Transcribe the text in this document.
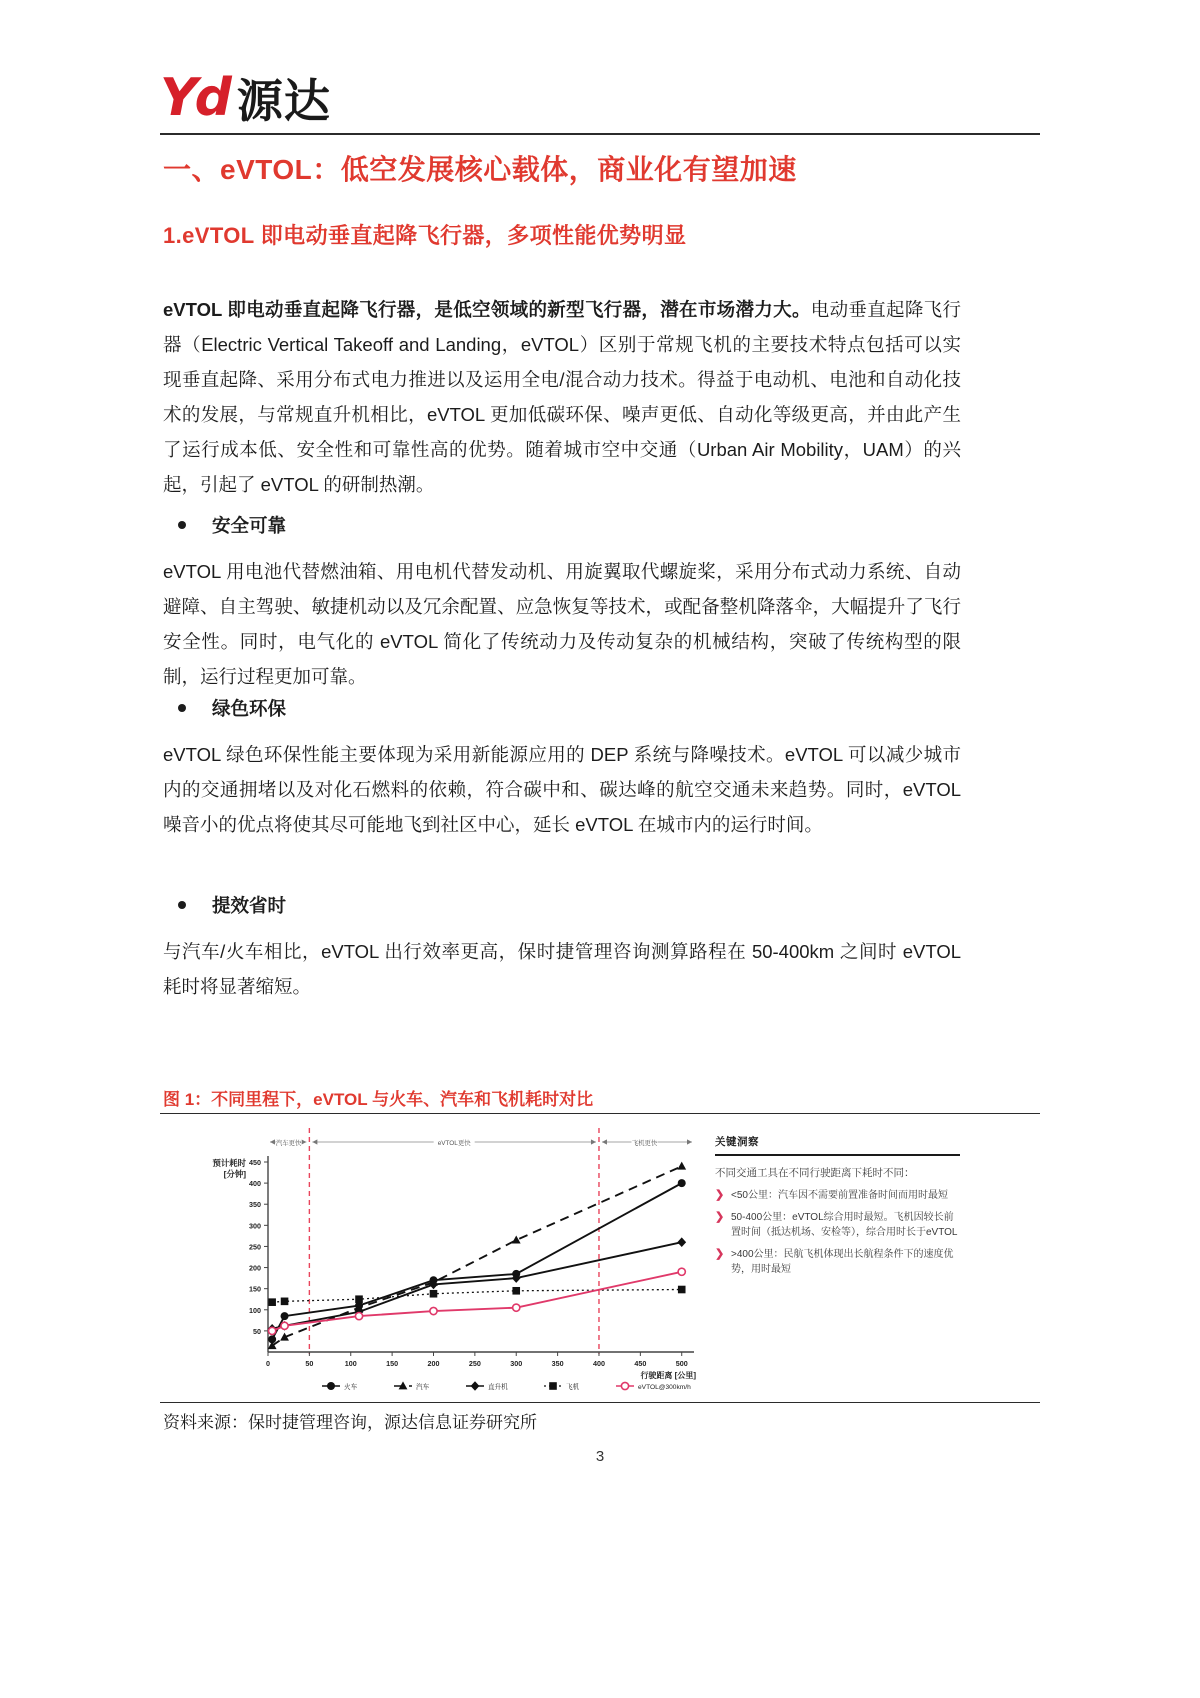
Yd 源达
一、eVTOL：低空发展核心载体，商业化有望加速
1.eVTOL 即电动垂直起降飞行器，多项性能优势明显
eVTOL 即电动垂直起降飞行器，是低空领域的新型飞行器，潜在市场潜力大。电动垂直起降飞行器（Electric Vertical Takeoff and Landing，eVTOL）区别于常规飞机的主要技术特点包括可以实现垂直起降、采用分布式电力推进以及运用全电/混合动力技术。得益于电动机、电池和自动化技术的发展，与常规直升机相比，eVTOL 更加低碳环保、噪声更低、自动化等级更高，并由此产生了运行成本低、安全性和可靠性高的优势。随着城市空中交通（Urban Air Mobility，UAM）的兴起，引起了 eVTOL 的研制热潮。
安全可靠
eVTOL 用电池代替燃油箱、用电机代替发动机、用旋翼取代螺旋桨，采用分布式动力系统、自动避障、自主驾驶、敏捷机动以及冗余配置、应急恢复等技术，或配备整机降落伞，大幅提升了飞行安全性。同时，电气化的 eVTOL 简化了传统动力及传动复杂的机械结构，突破了传统构型的限制，运行过程更加可靠。
绿色环保
eVTOL 绿色环保性能主要体现为采用新能源应用的 DEP 系统与降噪技术。eVTOL 可以减少城市内的交通拥堵以及对化石燃料的依赖，符合碳中和、碳达峰的航空交通未来趋势。同时，eVTOL 噪音小的优点将使其尽可能地飞到社区中心，延长 eVTOL 在城市内的运行时间。
提效省时
与汽车/火车相比，eVTOL 出行效率更高，保时捷管理咨询测算路程在 50-400km 之间时 eVTOL 耗时将显著缩短。
图 1：不同里程下，eVTOL 与火车、汽车和飞机耗时对比
汽车更快	eVTOL更快	飞机更快
50
100
150
200
250
300
350
400
450
0	50	100	150	200	250	300	350	400	450	500
预计耗时
[分钟]
行驶距离 [公里]
火车	汽车	直升机	飞机	eVTOL@300km/h
关键洞察
不同交通工具在不同行驶距离下耗时不同：
❯ <50公里：汽车因不需要前置准备时间而用时最短
❯ 50-400公里：eVTOL综合用时最短。飞机因较长前置时间（抵达机场、安检等），综合用时长于eVTOL
❯ >400公里：民航飞机体现出长航程条件下的速度优势，用时最短
资料来源：保时捷管理咨询，源达信息证券研究所
3
